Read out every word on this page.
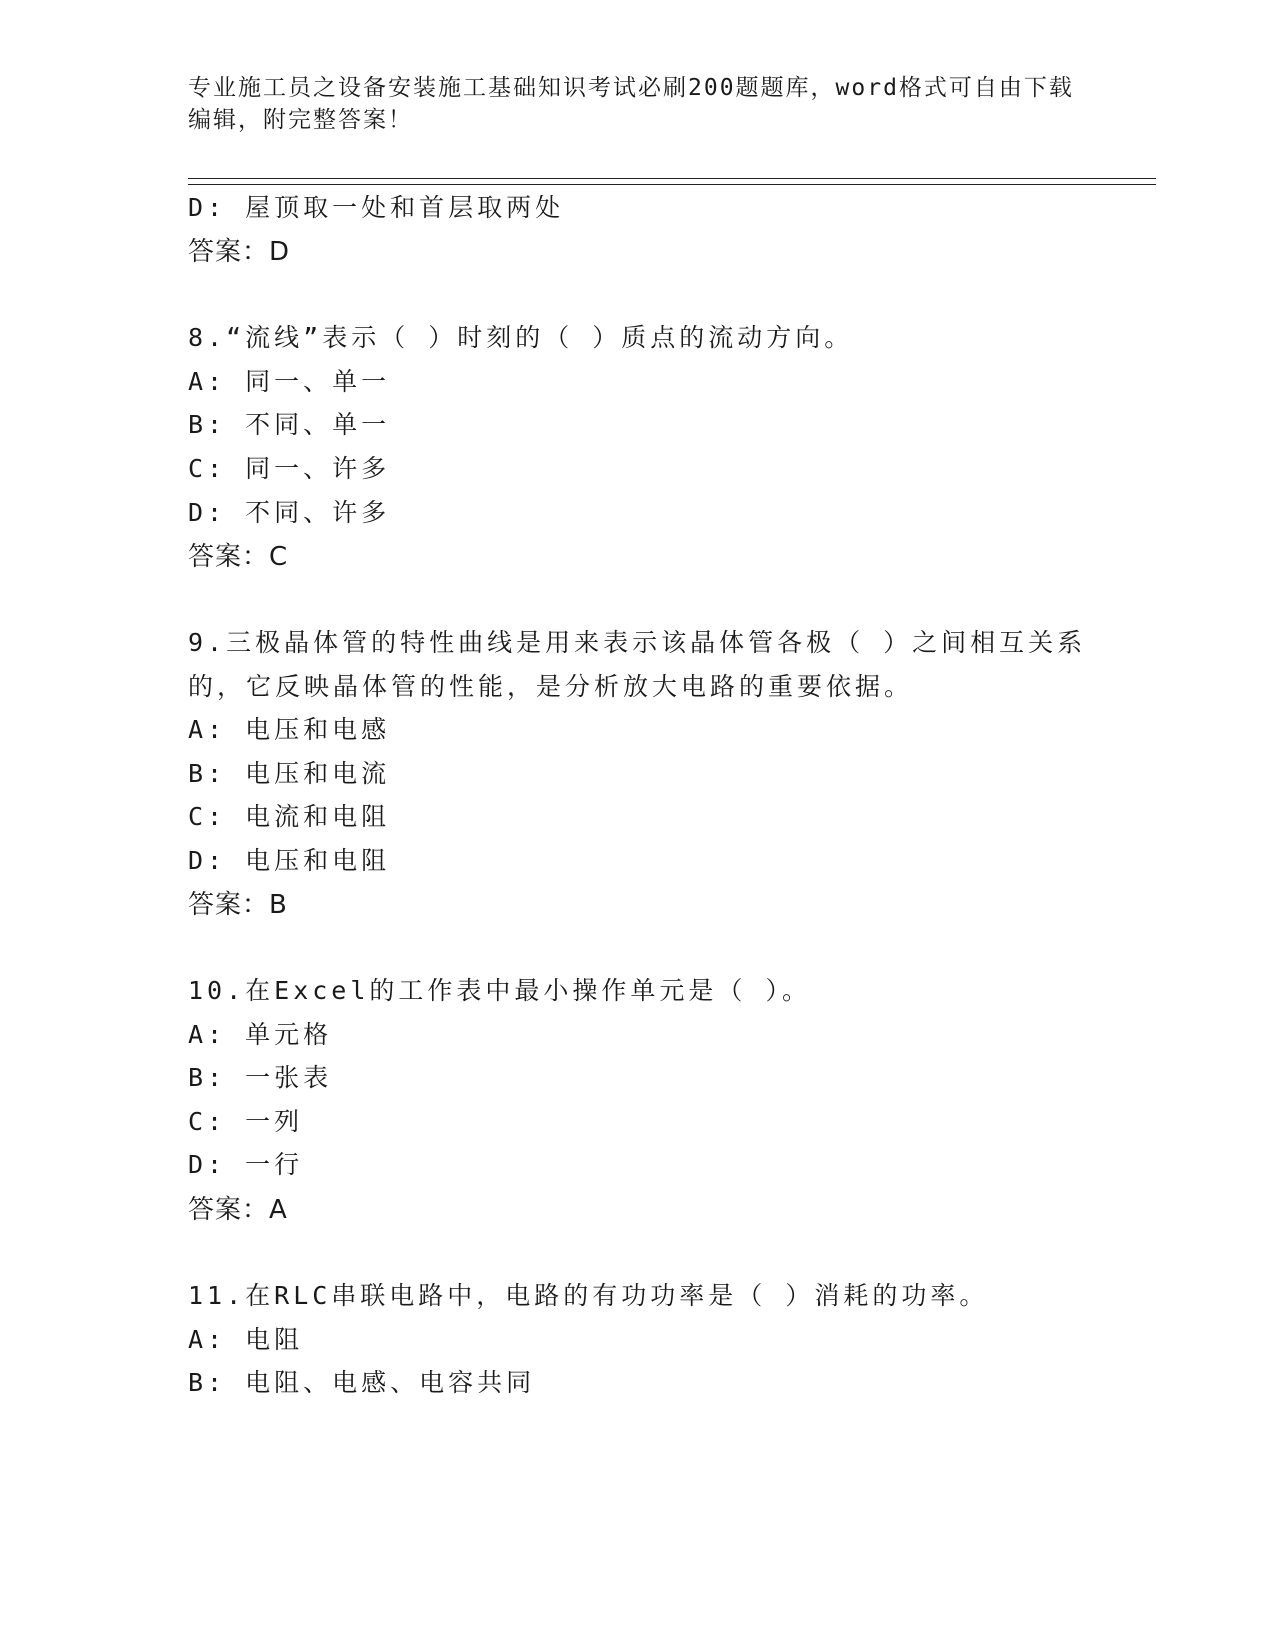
专业施工员之设备安装施工基础知识考试必刷200题题库，word格式可自由下载
编辑，附完整答案！
D: 屋顶取一处和首层取两处
答案：D
8.“流线”表示（ ）时刻的（ ）质点的流动方向。
A: 同一、单一
B: 不同、单一
C: 同一、许多
D: 不同、许多
答案：C
9.三极晶体管的特性曲线是用来表示该晶体管各极（ ）之间相互关系
的，它反映晶体管的性能，是分析放大电路的重要依据。
A: 电压和电感
B: 电压和电流
C: 电流和电阻
D: 电压和电阻
答案：B
10.在Excel的工作表中最小操作单元是（ ）。
A: 单元格
B: 一张表
C: 一列
D: 一行
答案：A
11.在RLC串联电路中，电路的有功功率是（ ）消耗的功率。
A: 电阻
B: 电阻、电感、电容共同
